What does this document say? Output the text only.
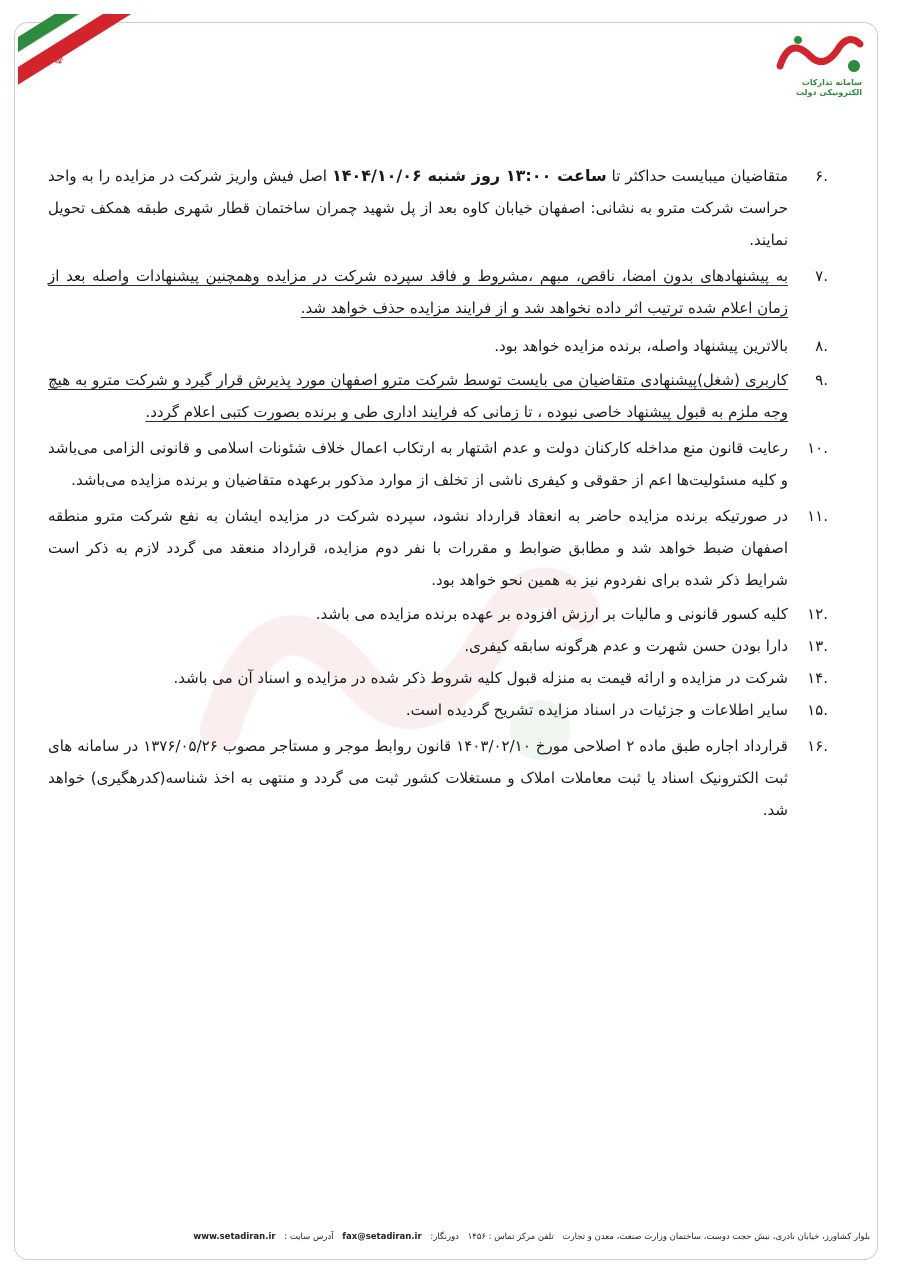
☫
سامانه تدارکات الکترونیکی دولت
۶.
متقاضیان میبایست حداکثر تا ساعت ۱۳:۰۰ روز شنبه ۱۴۰۴/۱۰/۰۶ اصل فیش واریز شرکت در مزایده را به واحد حراست شرکت مترو به نشانی: اصفهان خیابان کاوه بعد از پل شهید چمران ساختمان قطار شهری طبقه همکف تحویل نمایند.
۷.
به پیشنهادهای بدون امضا، ناقص، مبهم ،مشروط و فاقد سپرده شرکت در مزایده وهمچنین پیشنهادات واصله بعد از زمان اعلام شده ترتیب اثر داده نخواهد شد و از فرایند مزایده حذف خواهد شد.
۸.
بالاترین پیشنهاد واصله، برنده مزایده خواهد بود.
۹.
کاربری (شغل)پیشنهادی متقاضیان می بایست توسط شرکت مترو اصفهان مورد پذیرش قرار گیرد و شرکت مترو به هیچ وجه ملزم به قبول پیشنهاد خاصی نبوده ، تا زمانی که فرایند اداری طی و برنده بصورت کتبی اعلام گردد.
۱۰.
رعایت قانون منع مداخله کارکنان دولت و عدم اشتهار به ارتکاب اعمال خلاف شئونات اسلامی و قانونی الزامی می‌باشد و کلیه مسئولیت‌ها اعم از حقوقی و کیفری ناشی از تخلف از موارد مذکور برعهده متقاضیان و برنده مزایده می‌باشد.
۱۱.
در صورتیکه برنده مزایده حاضر به انعقاد قرارداد نشود، سپرده شرکت در مزایده ایشان به نفع شرکت مترو منطقه اصفهان ضبط خواهد شد و مطابق ضوابط و مقررات با نفر دوم مزایده، قرارداد منعقد می گردد لازم به ذکر است شرایط ذکر شده برای نفردوم نیز به همین نحو خواهد بود.
۱۲.
کلیه کسور قانونی و مالیات بر ارزش افزوده بر عهده برنده مزایده می باشد.
۱۳.
دارا بودن حسن شهرت و عدم هرگونه سابقه کیفری.
۱۴.
شرکت در مزایده و ارائه قیمت به منزله قبول کلیه شروط ذکر شده در مزایده و اسناد آن می باشد.
۱۵.
سایر اطلاعات و جزئیات در اسناد مزایده تشریح گردیده است.
۱۶.
قرارداد اجاره طبق ماده ۲ اصلاحی مورخ ۱۴۰۳/۰۲/۱۰ قانون روابط موجر و مستاجر مصوب ۱۳۷۶/۰۵/۲۶ در سامانه های ثبت الکترونیک اسناد یا ثبت معاملات املاک و مستغلات کشور ثبت می گردد و منتهی به اخذ شناسه(کدرهگیری) خواهد شد.
بلوار کشاورز، خیابان نادری، نبش حجت دوست، ساختمان وزارت صنعت، معدن و تجارت تلفن مرکز تماس : ۱۴۵۶ دورنگار: fax@setadiran.ir آدرس سایت : www.setadiran.ir
